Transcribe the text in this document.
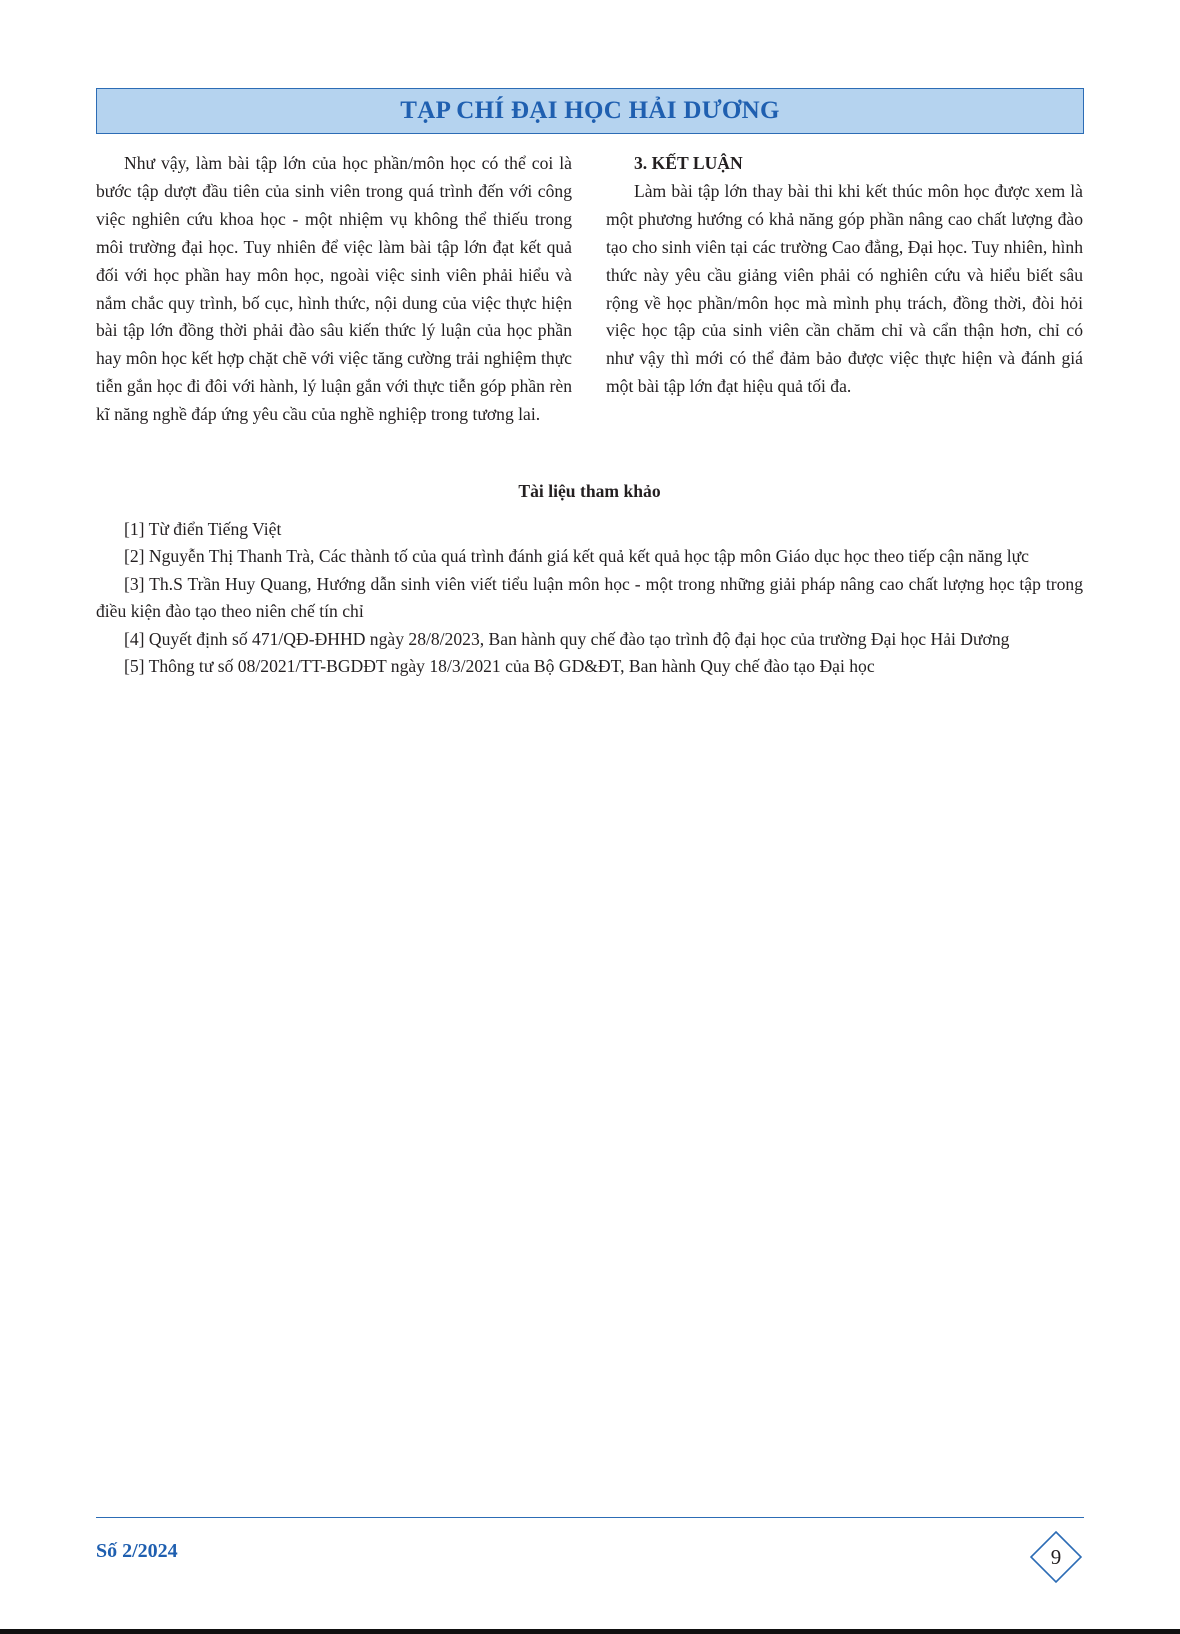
TẠP CHÍ ĐẠI HỌC HẢI DƯƠNG

Như vậy, làm bài tập lớn của học phần/môn học có thể coi là bước tập dượt đầu tiên của sinh viên trong quá trình đến với công việc nghiên cứu khoa học - một nhiệm vụ không thể thiếu trong môi trường đại học. Tuy nhiên để việc làm bài tập lớn đạt kết quả đối với học phần hay môn học, ngoài việc sinh viên phải hiểu và nắm chắc quy trình, bố cục, hình thức, nội dung của việc thực hiện bài tập lớn đồng thời phải đào sâu kiến thức lý luận của học phần hay môn học kết hợp chặt chẽ với việc tăng cường trải nghiệm thực tiễn gắn học đi đôi với hành, lý luận gắn với thực tiễn góp phần rèn kĩ năng nghề đáp ứng yêu cầu của nghề nghiệp trong tương lai.

3. KẾT LUẬN

Làm bài tập lớn thay bài thi khi kết thúc môn học được xem là một phương hướng có khả năng góp phần nâng cao chất lượng đào tạo cho sinh viên tại các trường Cao đẳng, Đại học. Tuy nhiên, hình thức này yêu cầu giảng viên phải có nghiên cứu và hiểu biết sâu rộng về học phần/môn học mà mình phụ trách, đồng thời, đòi hỏi việc học tập của sinh viên cần chăm chỉ và cẩn thận hơn, chỉ có như vậy thì mới có thể đảm bảo được việc thực hiện và đánh giá một bài tập lớn đạt hiệu quả tối đa.

Tài liệu tham khảo

[1] Từ điển Tiếng Việt

[2] Nguyễn Thị Thanh Trà, Các thành tố của quá trình đánh giá kết quả kết quả học tập môn Giáo dục học theo tiếp cận năng lực

[3] Th.S Trần Huy Quang, Hướng dẫn sinh viên viết tiểu luận môn học - một trong những giải pháp nâng cao chất lượng học tập trong điều kiện đào tạo theo niên chế tín chỉ

[4] Quyết định số 471/QĐ-ĐHHD ngày 28/8/2023, Ban hành quy chế đào tạo trình độ đại học của trường Đại học Hải Dương

[5] Thông tư số 08/2021/TT-BGDĐT ngày 18/3/2021 của Bộ GD&ĐT, Ban hành Quy chế đào tạo Đại học

Số 2/2024	9
